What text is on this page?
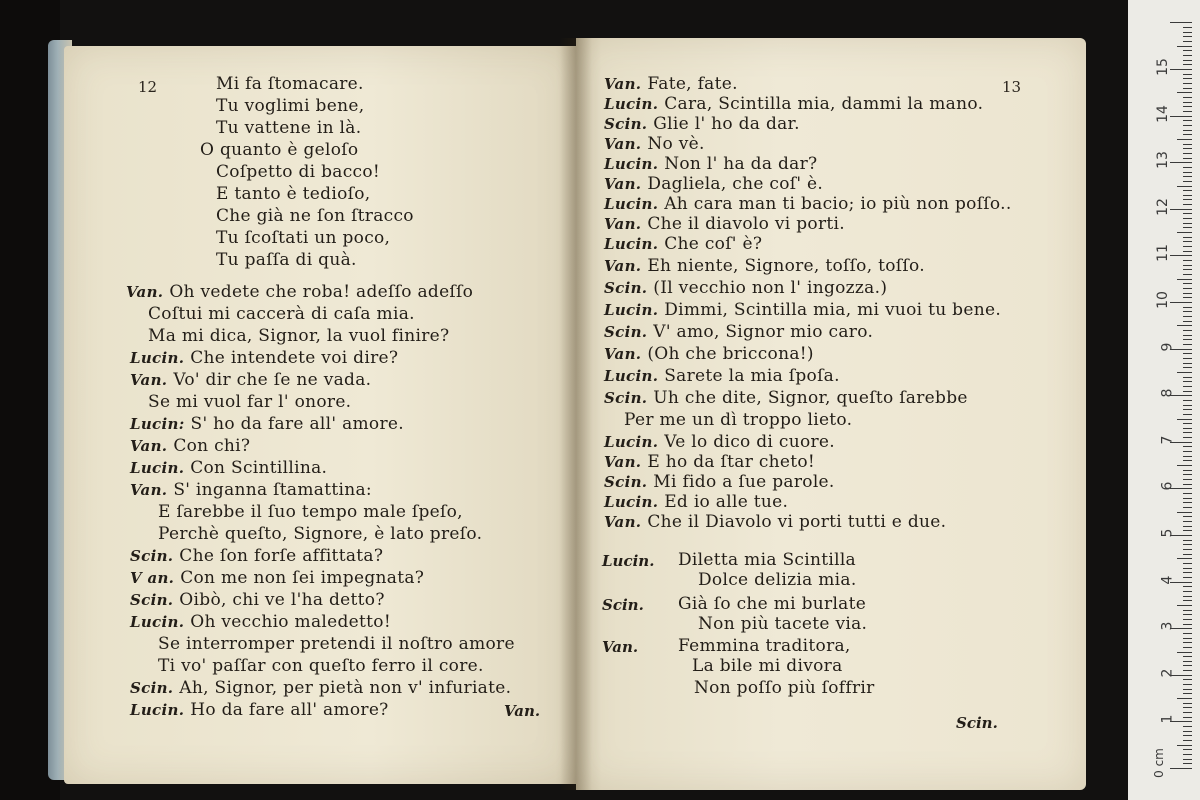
12	Mi fa ſtomacare.
Tu voglimi bene,
Tu vattene in là.
O quanto è geloſo
Coſpetto di bacco!
E tanto è tedioſo,
Che già ne ſon ſtracco
Tu ſcoſtati un poco,
Tu paſſa di quà.
Van. Oh vedete che roba! adeſſo adeſſo
Coſtui mi caccerà di caſa mia.
Ma mi dica, Signor, la vuol finire?
Lucin. Che intendete voi dire?
Van. Vo' dir che ſe ne vada.
Se mi vuol far l' onore.
Lucin: S' ho da fare all' amore.
Van. Con chi?
Lucin. Con Scintillina.
Van. S' inganna ſtamattina:
E ſarebbe il ſuo tempo male ſpeſo,
Perchè queſto, Signore, è lato preſo.
Scin. Che ſon forſe affittata?
V an. Con me non ſei impegnata?
Scin. Oibò, chi ve l'ha detto?
Lucin. Oh vecchio maledetto!
Se interromper pretendi il noſtro amore
Ti vo' paſſar con queſto ferro il core.
Scin. Ah, Signor, per pietà non v' infuriate.
Lucin. Ho da fare all' amore?	Van.
13
Van. Fate, fate.
Lucin. Cara, Scintilla mia, dammi la mano.
Scin. Glie l' ho da dar.
Van. No vè.
Lucin. Non l' ha da dar?
Van. Dagliela, che coſ' è.
Lucin. Ah cara man ti bacio; io più non poſſo..
Van. Che il diavolo vi porti.
Lucin. Che coſ' è?
Van. Eh niente, Signore, toſſo, toſſo.
Scin. (Il vecchio non l' ingozza.)
Lucin. Dimmi, Scintilla mia, mi vuoi tu bene.
Scin. V' amo, Signor mio caro.
Van. (Oh che briccona!)
Lucin. Sarete la mia ſpoſa.
Scin. Uh che dite, Signor, queſto ſarebbe
Per me un dì troppo lieto.
Lucin. Ve lo dico di cuore.
Van. E ho da ſtar cheto!
Scin. Mi fido a ſue parole.
Lucin. Ed io alle tue.
Van. Che il Diavolo vi porti tutti e due.
Lucin. Diletta mia Scintilla
Dolce delizia mia.
Scin. Già ſo che mi burlate
Non più tacete via.
Van. Femmina traditora,
La bile mi divora
Non poſſo più ſoffrir
Scin.
0 cm
1
2
3
4
5
6
7
8
9
10
11
12
13
14
15
